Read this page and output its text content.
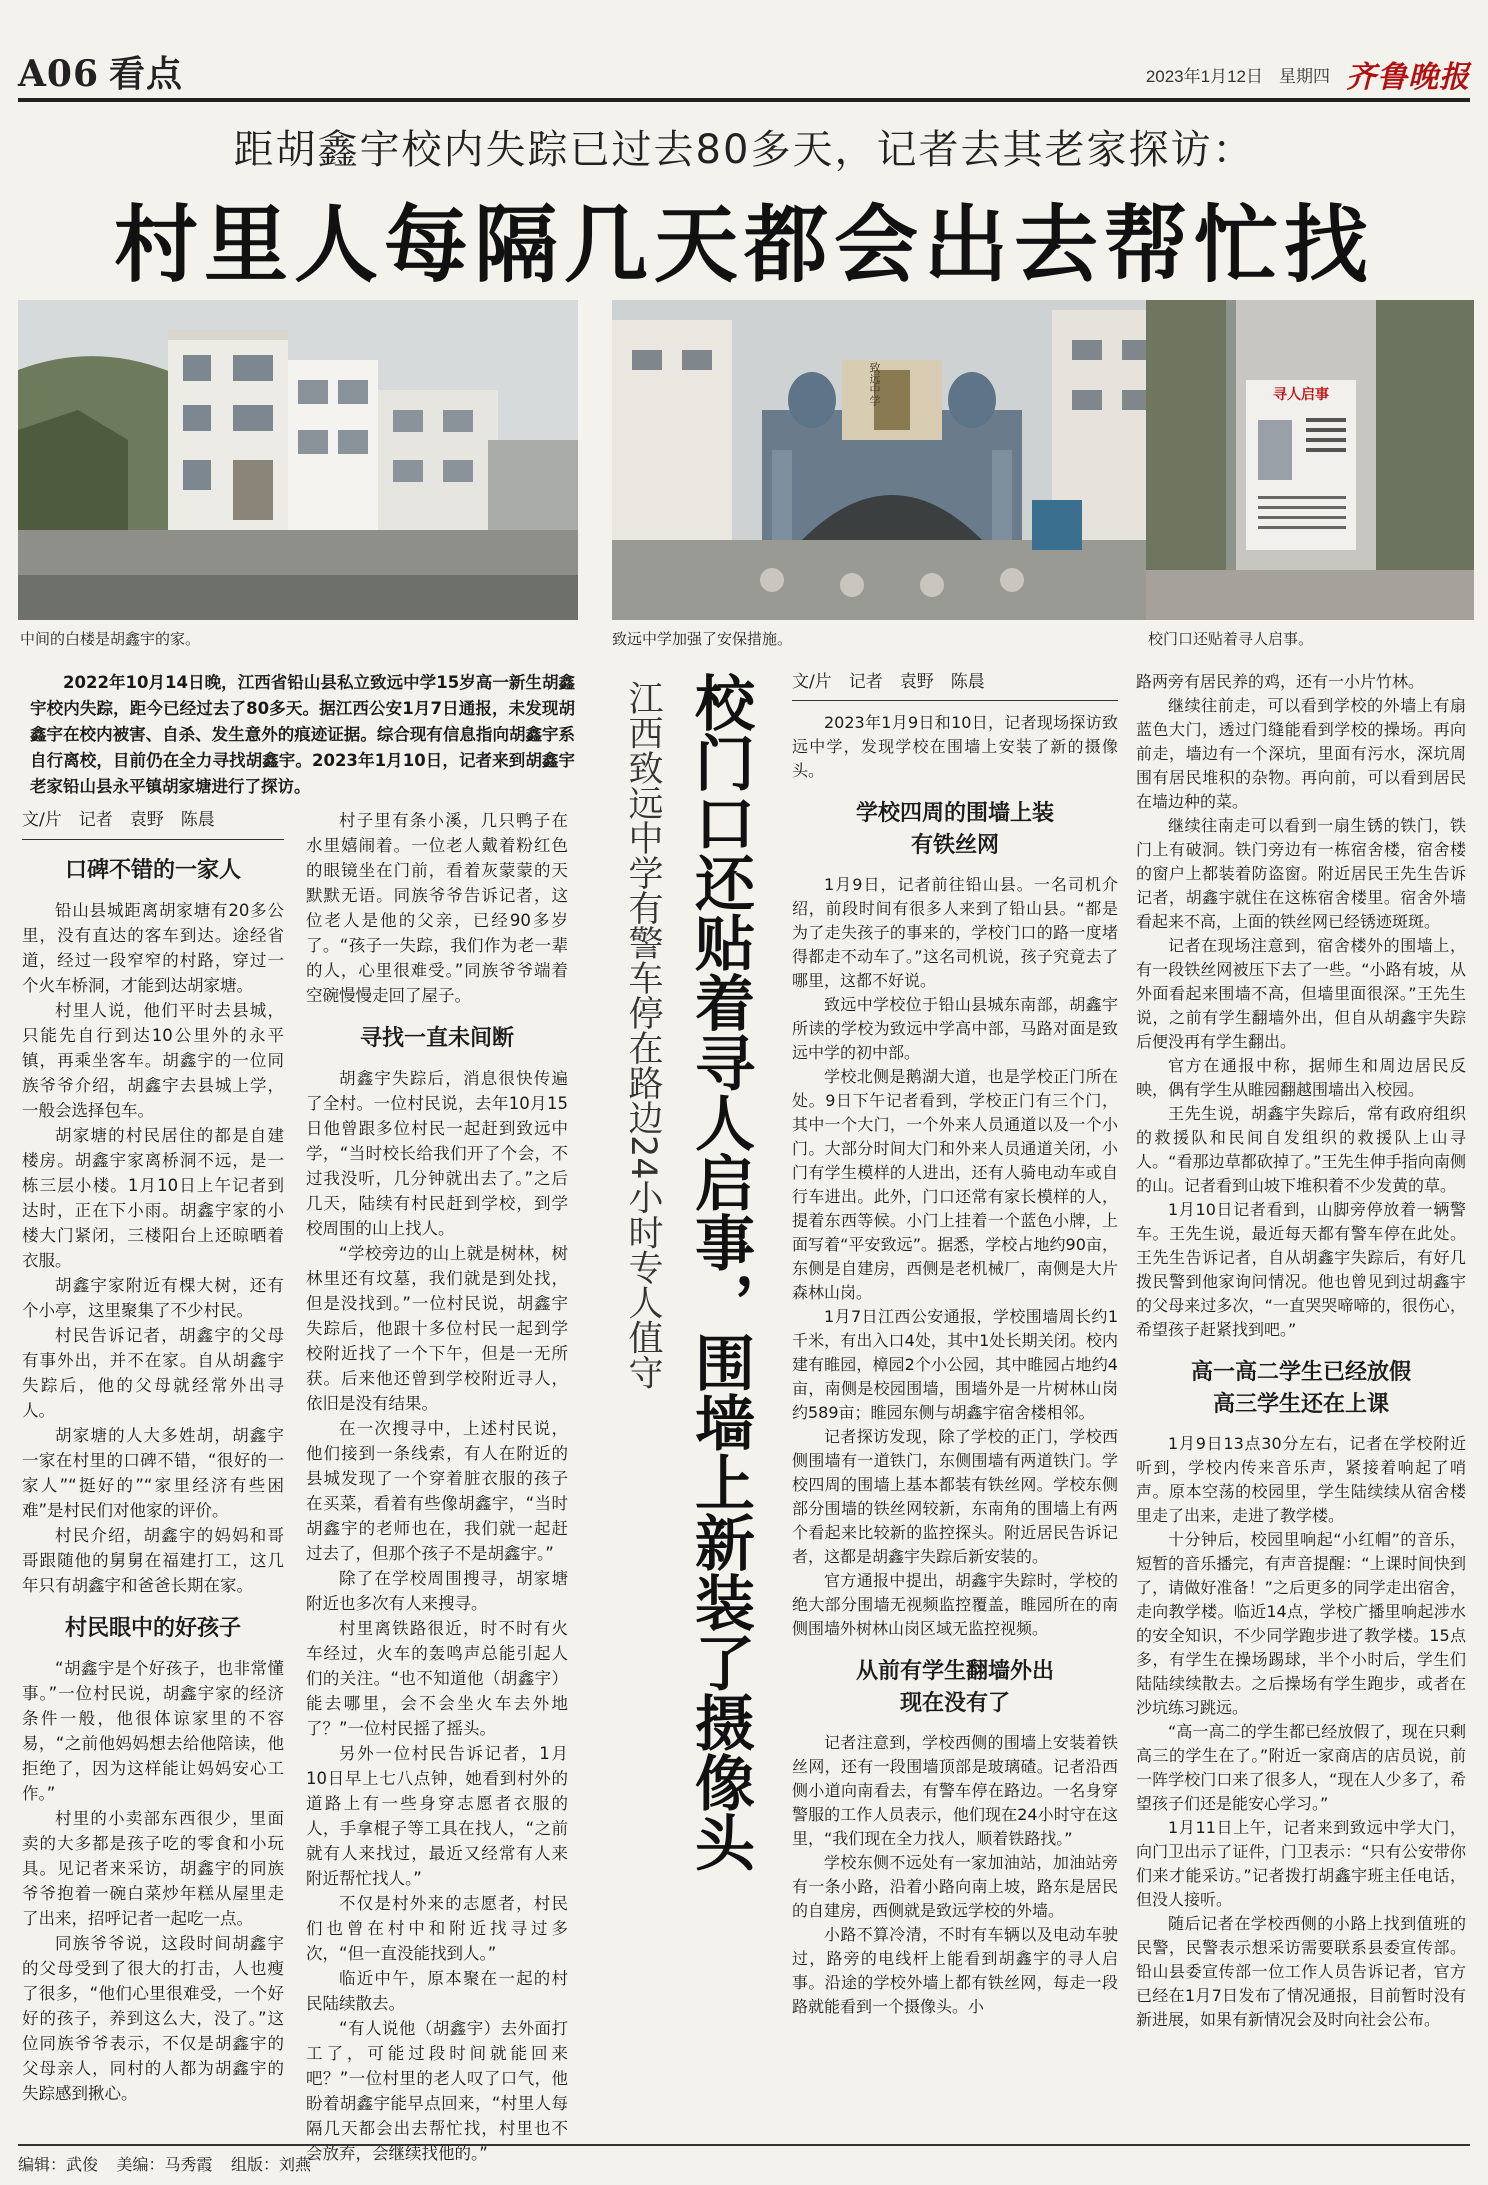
A06 看点	2023年1月12日 星期四 齐鲁晚报
距胡鑫宇校内失踪已过去80多天，记者去其老家探访：
村里人每隔几天都会出去帮忙找
中间的白楼是胡鑫宇的家。
致远中学
致远中学加强了安保措施。
寻人启事
校门口还贴着寻人启事。
2022年10月14日晚，江西省铅山县私立致远中学15岁高一新生胡鑫宇校内失踪，距今已经过去了80多天。据江西公安1月7日通报，未发现胡鑫宇在校内被害、自杀、发生意外的痕迹证据。综合现有信息指向胡鑫宇系自行离校，目前仍在全力寻找胡鑫宇。2023年1月10日，记者来到胡鑫宇老家铅山县永平镇胡家塘进行了探访。
文/片　记者　袁野　陈晨
口碑不错的一家人

铅山县城距离胡家塘有20多公里，没有直达的客车到达。途经省道，经过一段窄窄的村路，穿过一个火车桥洞，才能到达胡家塘。

村里人说，他们平时去县城，只能先自行到达10公里外的永平镇，再乘坐客车。胡鑫宇的一位同族爷爷介绍，胡鑫宇去县城上学，一般会选择包车。

胡家塘的村民居住的都是自建楼房。胡鑫宇家离桥洞不远，是一栋三层小楼。1月10日上午记者到达时，正在下小雨。胡鑫宇家的小楼大门紧闭，三楼阳台上还晾晒着衣服。

胡鑫宇家附近有棵大树，还有个小亭，这里聚集了不少村民。

村民告诉记者，胡鑫宇的父母有事外出，并不在家。自从胡鑫宇失踪后，他的父母就经常外出寻人。

胡家塘的人大多姓胡，胡鑫宇一家在村里的口碑不错，“很好的一家人”“挺好的”“家里经济有些困难”是村民们对他家的评价。

村民介绍，胡鑫宇的妈妈和哥哥跟随他的舅舅在福建打工，这几年只有胡鑫宇和爸爸长期在家。

村民眼中的好孩子

“胡鑫宇是个好孩子，也非常懂事。”一位村民说，胡鑫宇家的经济条件一般，他很体谅家里的不容易，“之前他妈妈想去给他陪读，他拒绝了，因为这样能让妈妈安心工作。”

村里的小卖部东西很少，里面卖的大多都是孩子吃的零食和小玩具。见记者来采访，胡鑫宇的同族爷爷抱着一碗白菜炒年糕从屋里走了出来，招呼记者一起吃一点。

同族爷爷说，这段时间胡鑫宇的父母受到了很大的打击，人也瘦了很多，“他们心里很难受，一个好好的孩子，养到这么大，没了。”这位同族爷爷表示，不仅是胡鑫宇的父母亲人，同村的人都为胡鑫宇的失踪感到揪心。

村子里有条小溪，几只鸭子在水里嬉闹着。一位老人戴着粉红色的眼镜坐在门前，看着灰蒙蒙的天默默无语。同族爷爷告诉记者，这位老人是他的父亲，已经90多岁了。“孩子一失踪，我们作为老一辈的人，心里很难受。”同族爷爷端着空碗慢慢走回了屋子。

寻找一直未间断

胡鑫宇失踪后，消息很快传遍了全村。一位村民说，去年10月15日他曾跟多位村民一起赶到致远中学，“当时校长给我们开了个会，不过我没听，几分钟就出去了。”之后几天，陆续有村民赶到学校，到学校周围的山上找人。

“学校旁边的山上就是树林，树林里还有坟墓，我们就是到处找，但是没找到。”一位村民说，胡鑫宇失踪后，他跟十多位村民一起到学校附近找了一个下午，但是一无所获。后来他还曾到学校附近寻人，依旧是没有结果。

在一次搜寻中，上述村民说，他们接到一条线索，有人在附近的县城发现了一个穿着脏衣服的孩子在买菜，看着有些像胡鑫宇，“当时胡鑫宇的老师也在，我们就一起赶过去了，但那个孩子不是胡鑫宇。”

除了在学校周围搜寻，胡家塘附近也多次有人来搜寻。

村里离铁路很近，时不时有火车经过，火车的轰鸣声总能引起人们的关注。“也不知道他（胡鑫宇）能去哪里，会不会坐火车去外地了？”一位村民摇了摇头。

另外一位村民告诉记者，1月10日早上七八点钟，她看到村外的道路上有一些身穿志愿者衣服的人，手拿棍子等工具在找人，“之前就有人来找过，最近又经常有人来附近帮忙找人。”

不仅是村外来的志愿者，村民们也曾在村中和附近找寻过多次，“但一直没能找到人。”

临近中午，原本聚在一起的村民陆续散去。

“有人说他（胡鑫宇）去外面打工了，可能过段时间就能回来吧？”一位村里的老人叹了口气，他盼着胡鑫宇能早点回来，“村里人每隔几天都会出去帮忙找，村里也不会放弃，会继续找他的。”

江西致远中学有警车停在路边24小时专人值守 校门口还贴着寻人启事，围墙上新装了摄像头 文/片　记者　袁野　陈晨

2023年1月9日和10日，记者现场探访致远中学，发现学校在围墙上安装了新的摄像头。

学校四周的围墙上装有铁丝网

1月9日，记者前往铅山县。一名司机介绍，前段时间有很多人来到了铅山县。“都是为了走失孩子的事来的，学校门口的路一度堵得都走不动车了。”这名司机说，孩子究竟去了哪里，这都不好说。

致远中学校位于铅山县城东南部，胡鑫宇所读的学校为致远中学高中部，马路对面是致远中学的初中部。

学校北侧是鹅湖大道，也是学校正门所在处。9日下午记者看到，学校正门有三个门，其中一个大门，一个外来人员通道以及一个小门。大部分时间大门和外来人员通道关闭，小门有学生模样的人进出，还有人骑电动车或自行车进出。此外，门口还常有家长模样的人，提着东西等候。小门上挂着一个蓝色小牌，上面写着“平安致远”。据悉，学校占地约90亩，东侧是自建房，西侧是老机械厂，南侧是大片森林山岗。

1月7日江西公安通报，学校围墙周长约1千米，有出入口4处，其中1处长期关闭。校内建有睢园，樟园2个小公园，其中睢园占地约4亩，南侧是校园围墙，围墙外是一片树林山岗约589亩；睢园东侧与胡鑫宇宿舍楼相邻。

记者探访发现，除了学校的正门，学校西侧围墙有一道铁门，东侧围墙有两道铁门。学校四周的围墙上基本都装有铁丝网。学校东侧部分围墙的铁丝网较新，东南角的围墙上有两个看起来比较新的监控探头。附近居民告诉记者，这都是胡鑫宇失踪后新安装的。

官方通报中提出，胡鑫宇失踪时，学校的绝大部分围墙无视频监控覆盖，睢园所在的南侧围墙外树林山岗区域无监控视频。

从前有学生翻墙外出现在没有了

记者注意到，学校西侧的围墙上安装着铁丝网，还有一段围墙顶部是玻璃碴。记者沿西侧小道向南看去，有警车停在路边。一名身穿警服的工作人员表示，他们现在24小时守在这里，“我们现在全力找人，顺着铁路找。”

学校东侧不远处有一家加油站，加油站旁有一条小路，沿着小路向南上坡，路东是居民的自建房，西侧就是致远学校的外墙。

小路不算冷清，不时有车辆以及电动车驶过，路旁的电线杆上能看到胡鑫宇的寻人启事。沿途的学校外墙上都有铁丝网，每走一段路就能看到一个摄像头。小

路两旁有居民养的鸡，还有一小片竹林。

继续往前走，可以看到学校的外墙上有扇蓝色大门，透过门缝能看到学校的操场。再向前走，墙边有一个深坑，里面有污水，深坑周围有居民堆积的杂物。再向前，可以看到居民在墙边种的菜。

继续往南走可以看到一扇生锈的铁门，铁门上有破洞。铁门旁边有一栋宿舍楼，宿舍楼的窗户上都装着防盗窗。附近居民王先生告诉记者，胡鑫宇就住在这栋宿舍楼里。宿舍外墙看起来不高，上面的铁丝网已经锈迹斑斑。

记者在现场注意到，宿舍楼外的围墙上，有一段铁丝网被压下去了一些。“小路有坡，从外面看起来围墙不高，但墙里面很深。”王先生说，之前有学生翻墙外出，但自从胡鑫宇失踪后便没再有学生翻出。

官方在通报中称，据师生和周边居民反映，偶有学生从睢园翻越围墙出入校园。

王先生说，胡鑫宇失踪后，常有政府组织的救援队和民间自发组织的救援队上山寻人。“看那边草都砍掉了。”王先生伸手指向南侧的山。记者看到山坡下堆积着不少发黄的草。

1月10日记者看到，山脚旁停放着一辆警车。王先生说，最近每天都有警车停在此处。王先生告诉记者，自从胡鑫宇失踪后，有好几拨民警到他家询问情况。他也曾见到过胡鑫宇的父母来过多次，“一直哭哭啼啼的，很伤心，希望孩子赶紧找到吧。”

高一高二学生已经放假高三学生还在上课

1月9日13点30分左右，记者在学校附近听到，学校内传来音乐声，紧接着响起了哨声。原本空荡的校园里，学生陆续续从宿舍楼里走了出来，走进了教学楼。

十分钟后，校园里响起“小红帽”的音乐，短暂的音乐播完，有声音提醒：“上课时间快到了，请做好准备！”之后更多的同学走出宿舍，走向教学楼。临近14点，学校广播里响起涉水的安全知识，不少同学跑步进了教学楼。15点多，有学生在操场踢球，半个小时后，学生们陆陆续续散去。之后操场有学生跑步，或者在沙坑练习跳远。

“高一高二的学生都已经放假了，现在只剩高三的学生在了。”附近一家商店的店员说，前一阵学校门口来了很多人，“现在人少多了，希望孩子们还是能安心学习。”

1月11日上午，记者来到致远中学大门，向门卫出示了证件，门卫表示：“只有公安带你们来才能采访。”记者拨打胡鑫宇班主任电话，但没人接听。

随后记者在学校西侧的小路上找到值班的民警，民警表示想采访需要联系县委宣传部。铅山县委宣传部一位工作人员告诉记者，官方已经在1月7日发布了情况通报，目前暂时没有新进展，如果有新情况会及时向社会公布。

编辑：武俊 美编：马秀霞 组版：刘燕
